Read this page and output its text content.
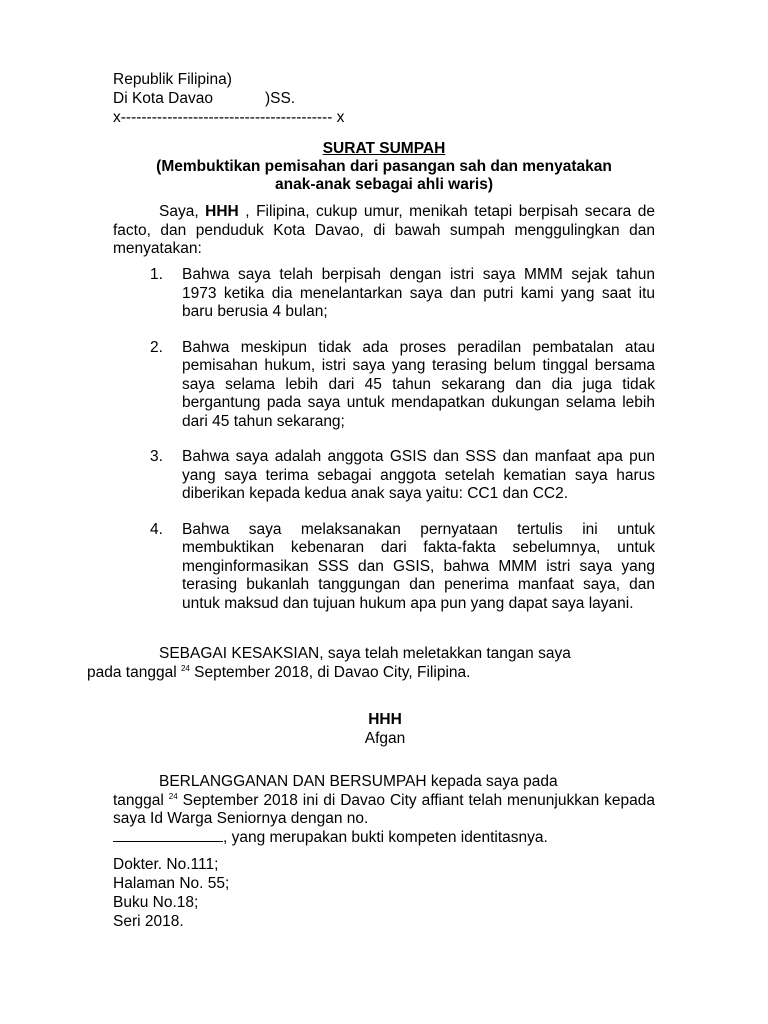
Republik Filipina)
Di Kota Davao	)SS.
x----------------------------------------- x
SURAT SUMPAH
(Membuktikan pemisahan dari pasangan sah dan menyatakan
anak-anak sebagai ahli waris)

Saya, HHH , Filipina, cukup umur, menikah tetapi berpisah secara de facto, dan penduduk Kota Davao, di bawah sumpah menggulingkan dan menyatakan:

1. Bahwa saya telah berpisah dengan istri saya MMM sejak tahun 1973 ketika dia menelantarkan saya dan putri kami yang saat itu baru berusia 4 bulan;
2. Bahwa meskipun tidak ada proses peradilan pembatalan atau pemisahan hukum, istri saya yang terasing belum tinggal bersama saya selama lebih dari 45 tahun sekarang dan dia juga tidak bergantung pada saya untuk mendapatkan dukungan selama lebih dari 45 tahun sekarang;
3. Bahwa saya adalah anggota GSIS dan SSS dan manfaat apa pun yang saya terima sebagai anggota setelah kematian saya harus diberikan kepada kedua anak saya yaitu: CC1 dan CC2.
4. Bahwa saya melaksanakan pernyataan tertulis ini untuk membuktikan kebenaran dari fakta-fakta sebelumnya, untuk menginformasikan SSS dan GSIS, bahwa MMM istri saya yang terasing bukanlah tanggungan dan penerima manfaat saya, dan untuk maksud dan tujuan hukum apa pun yang dapat saya layani.

SEBAGAI KESAKSIAN, saya telah meletakkan tangan saya
pada tanggal $^{24}$ September 2018, di Davao City, Filipina.

HHH
Afgan

BERLANGGANAN DAN BERSUMPAH kepada saya pada

tanggal $^{24}$ September 2018 ini di Davao City affiant telah menunjukkan kepada saya Id Warga Seniornya dengan no.
, yang merupakan bukti kompeten identitasnya.

Dokter. No.111;
Halaman No. 55;
Buku No.18;
Seri 2018.
